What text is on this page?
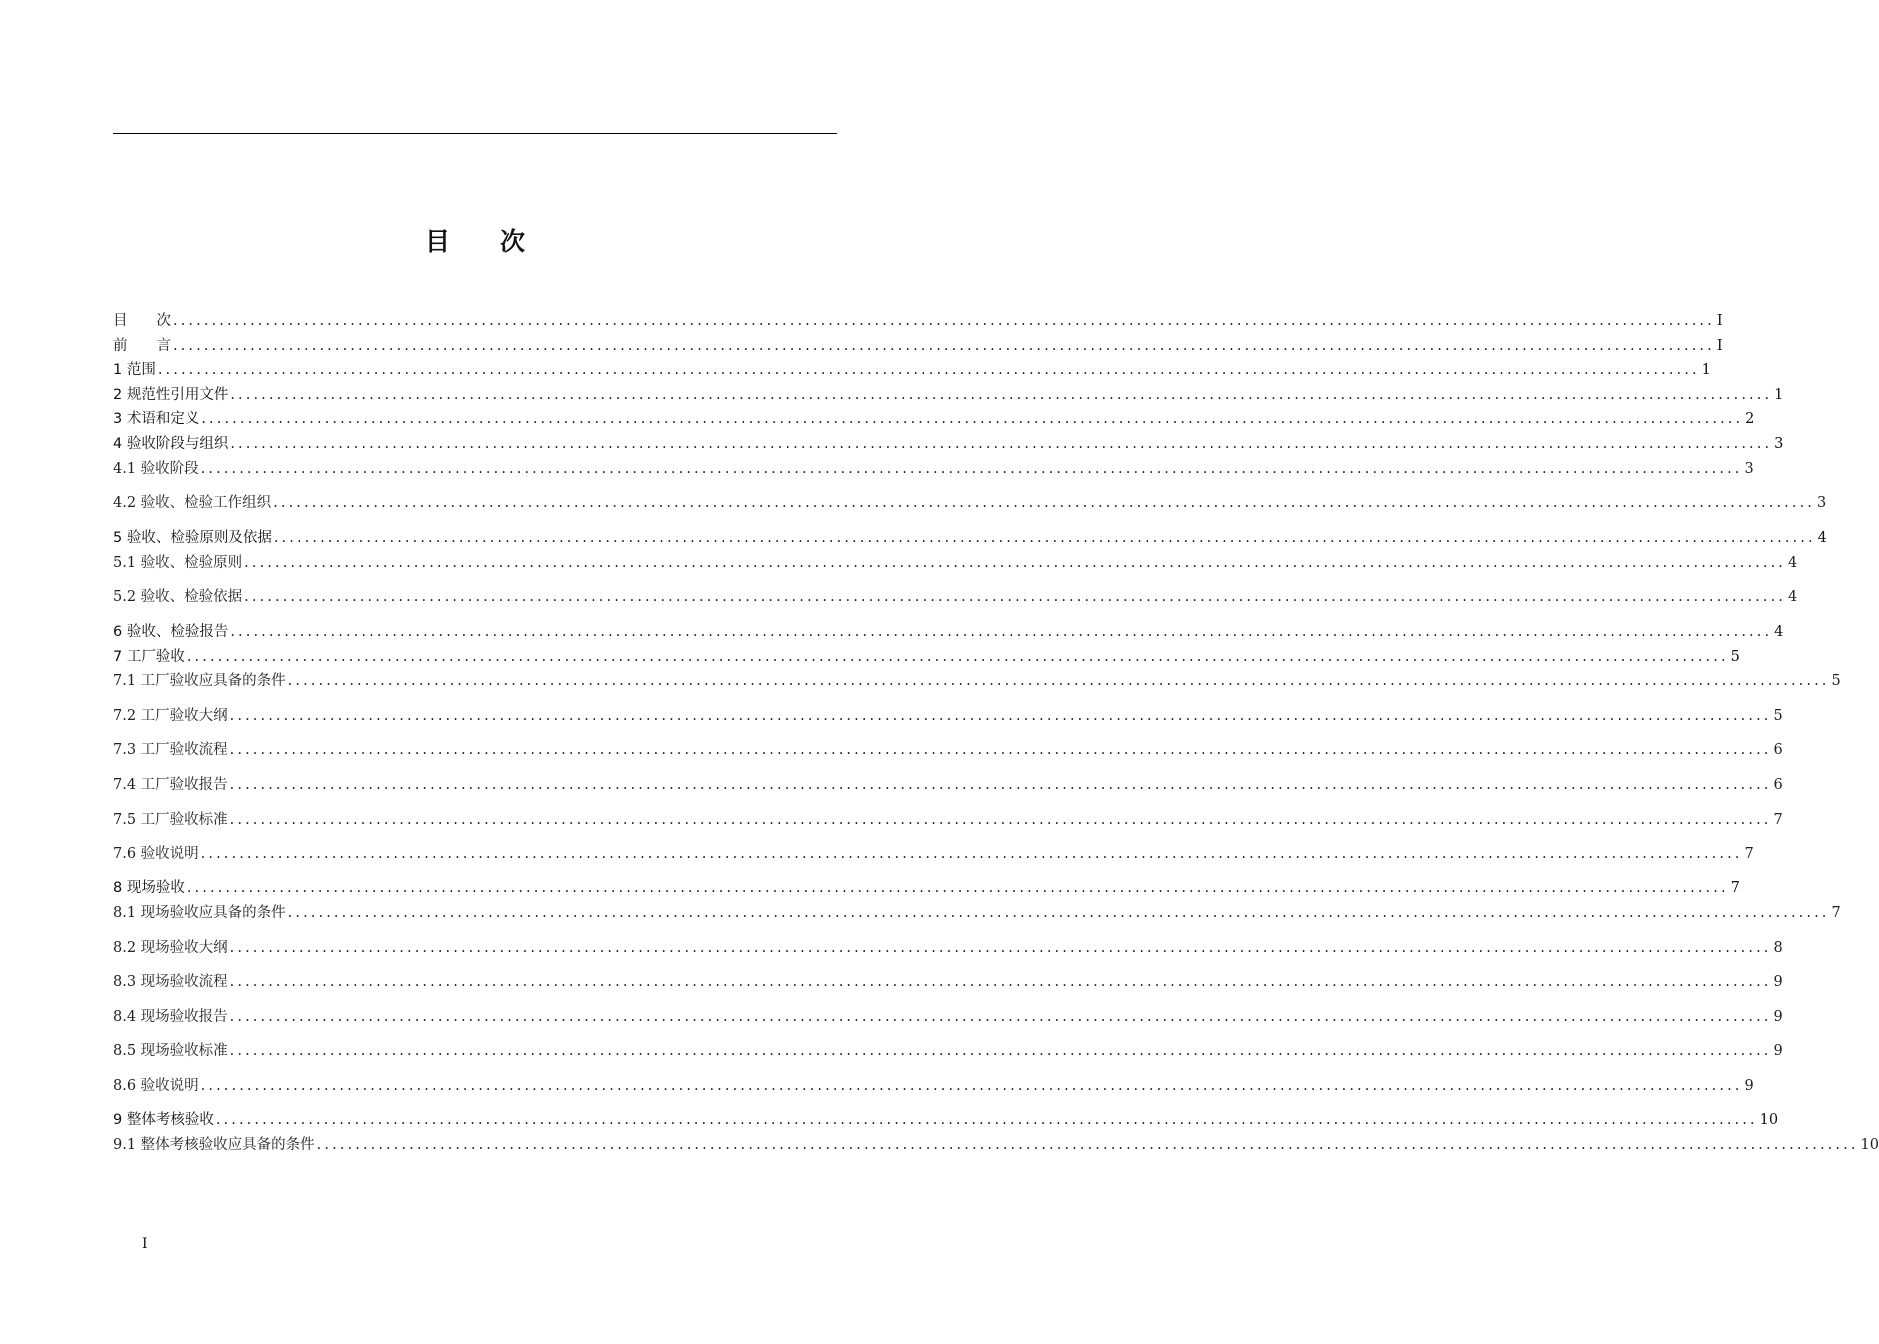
目　　次
目　　次 ........................................................................................................................................................................................................ I
前　　言 ........................................................................................................................................................................................................ I
1 范围 ........................................................................................................................................................................................................ 1
2 规范性引用文件 ........................................................................................................................................................................................................ 1
3 术语和定义 ........................................................................................................................................................................................................ 2
4 验收阶段与组织 ........................................................................................................................................................................................................ 3
4.1 验收阶段 ........................................................................................................................................................................................................ 3
4.2 验收、检验工作组织 ........................................................................................................................................................................................................ 3
5 验收、检验原则及依据 ........................................................................................................................................................................................................ 4
5.1 验收、检验原则 ........................................................................................................................................................................................................ 4
5.2 验收、检验依据 ........................................................................................................................................................................................................ 4
6 验收、检验报告 ........................................................................................................................................................................................................ 4
7 工厂验收 ........................................................................................................................................................................................................ 5
7.1 工厂验收应具备的条件 ........................................................................................................................................................................................................ 5
7.2 工厂验收大纲 ........................................................................................................................................................................................................ 5
7.3 工厂验收流程 ........................................................................................................................................................................................................ 6
7.4 工厂验收报告 ........................................................................................................................................................................................................ 6
7.5 工厂验收标准 ........................................................................................................................................................................................................ 7
7.6 验收说明 ........................................................................................................................................................................................................ 7
8 现场验收 ........................................................................................................................................................................................................ 7
8.1 现场验收应具备的条件 ........................................................................................................................................................................................................ 7
8.2 现场验收大纲 ........................................................................................................................................................................................................ 8
8.3 现场验收流程 ........................................................................................................................................................................................................ 9
8.4 现场验收报告 ........................................................................................................................................................................................................ 9
8.5 现场验收标准 ........................................................................................................................................................................................................ 9
8.6 验收说明 ........................................................................................................................................................................................................ 9
9 整体考核验收 ........................................................................................................................................................................................................ 10
9.1 整体考核验收应具备的条件 ........................................................................................................................................................................................................ 10
I
